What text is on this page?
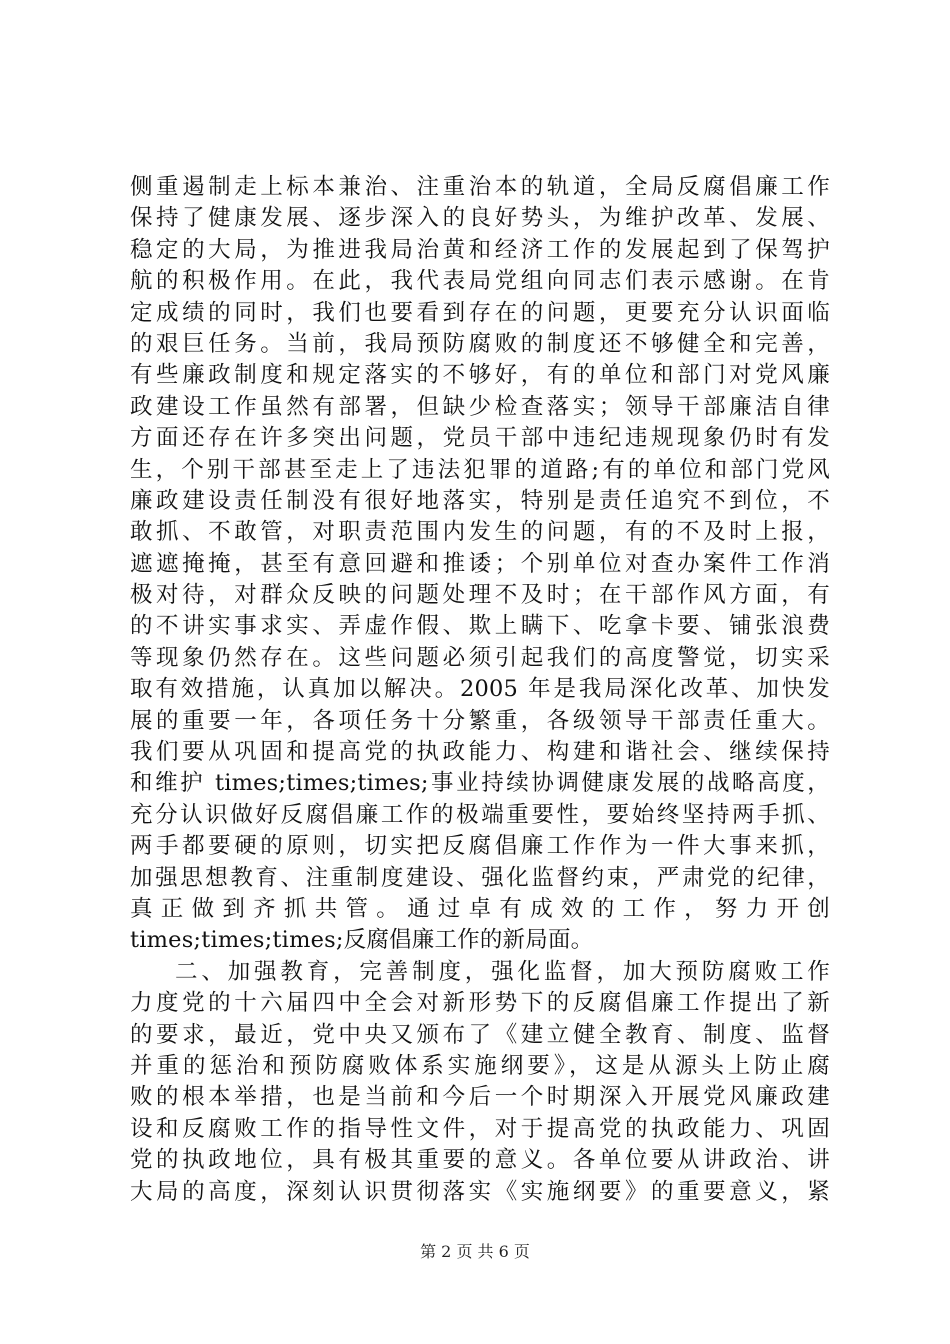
侧重遏制走上标本兼治、注重治本的轨道，全局反腐倡廉工作
保持了健康发展、逐步深入的良好势头，为维护改革、发展、
稳定的大局，为推进我局治黄和经济工作的发展起到了保驾护
航的积极作用。在此，我代表局党组向同志们表示感谢。在肯
定成绩的同时，我们也要看到存在的问题，更要充分认识面临
的艰巨任务。当前，我局预防腐败的制度还不够健全和完善，
有些廉政制度和规定落实的不够好，有的单位和部门对党风廉
政建设工作虽然有部署，但缺少检查落实；领导干部廉洁自律
方面还存在许多突出问题，党员干部中违纪违规现象仍时有发
生，个别干部甚至走上了违法犯罪的道路;有的单位和部门党风
廉政建设责任制没有很好地落实，特别是责任追究不到位，不
敢抓、不敢管，对职责范围内发生的问题，有的不及时上报，
遮遮掩掩，甚至有意回避和推诿；个别单位对查办案件工作消
极对待，对群众反映的问题处理不及时；在干部作风方面，有
的不讲实事求实、弄虚作假、欺上瞒下、吃拿卡要、铺张浪费
等现象仍然存在。这些问题必须引起我们的高度警觉，切实采
取有效措施，认真加以解决。2005 年是我局深化改革、加快发
展的重要一年，各项任务十分繁重，各级领导干部责任重大。
我们要从巩固和提高党的执政能力、构建和谐社会、继续保持
和维护 times;times;times;事业持续协调健康发展的战略高度，
充分认识做好反腐倡廉工作的极端重要性，要始终坚持两手抓、
两手都要硬的原则，切实把反腐倡廉工作作为一件大事来抓，
加强思想教育、注重制度建设、强化监督约束，严肃党的纪律，
真正做到齐抓共管。通过卓有成效的工作，努力开创
times;times;times;反腐倡廉工作的新局面。
二、加强教育，完善制度，强化监督，加大预防腐败工作
力度党的十六届四中全会对新形势下的反腐倡廉工作提出了新
的要求，最近，党中央又颁布了《建立健全教育、制度、监督
并重的惩治和预防腐败体系实施纲要》，这是从源头上防止腐
败的根本举措，也是当前和今后一个时期深入开展党风廉政建
设和反腐败工作的指导性文件，对于提高党的执政能力、巩固
党的执政地位，具有极其重要的意义。各单位要从讲政治、讲
大局的高度，深刻认识贯彻落实《实施纲要》的重要意义，紧
第 2 页 共 6 页
